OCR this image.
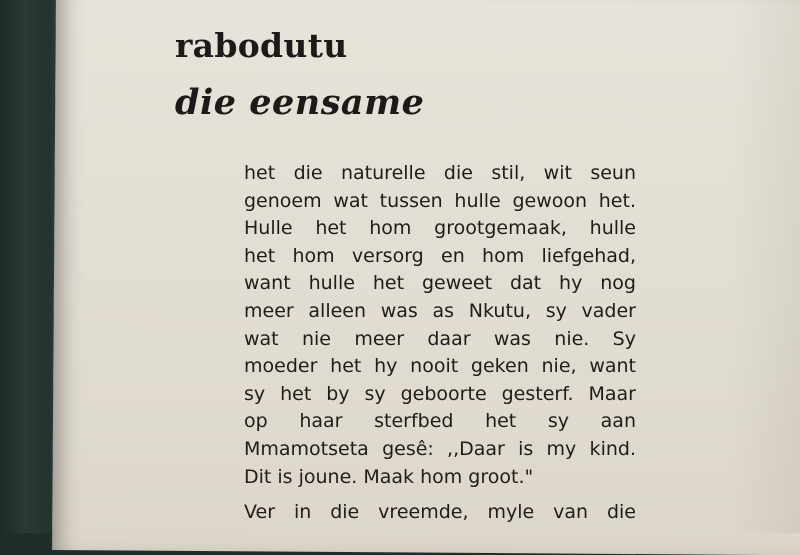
rabodutu
die eensame
het die naturelle die stil, wit seun
genoem wat tussen hulle gewoon het.
Hulle het hom grootgemaak, hulle
het hom versorg en hom liefgehad,
want hulle het geweet dat hy nog
meer alleen was as Nkutu, sy vader
wat nie meer daar was nie. Sy
moeder het hy nooit geken nie, want
sy het by sy geboorte gesterf. Maar
op haar sterfbed het sy aan
Mmamotseta gesê: ,,Daar is my kind.
Dit is joune. Maak hom groot."
Ver in die vreemde, myle van die
